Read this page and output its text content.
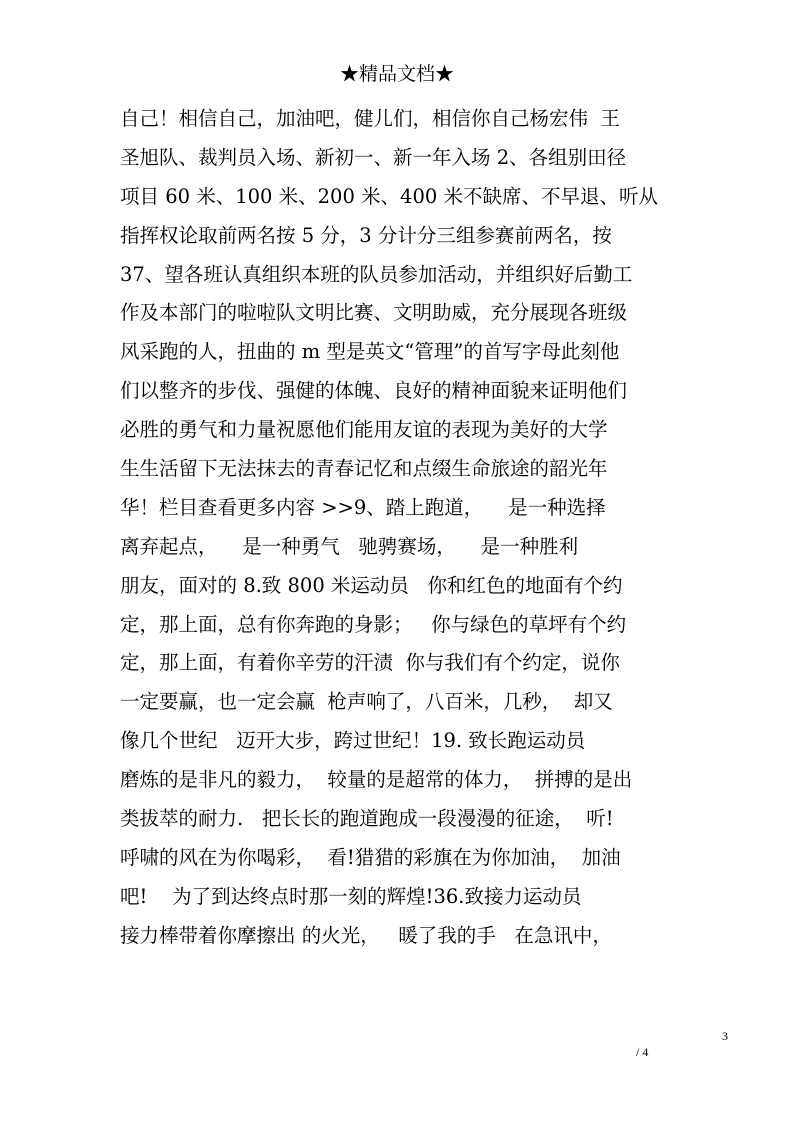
★精品文档★
自己！相信自己，加油吧，健儿们，相信你自己杨宏伟  王
圣旭队、裁判员入场、新初一、新一年入场 2、各组别田径
项目 60 米、100 米、200 米、400 米不缺席、不早退、听从
指挥权论取前两名按 5 分，3 分计分三组参赛前两名，按
37、望各班认真组织本班的队员参加活动，并组织好后勤工
作及本部门的啦啦队文明比赛、文明助威，充分展现各班级
风采跑的人，扭曲的 m 型是英文“管理”的首写字母此刻他
们以整齐的步伐、强健的体魄、良好的精神面貌来证明他们
必胜的勇气和力量祝愿他们能用友谊的表现为美好的大学
生生活留下无法抹去的青春记忆和点缀生命旅途的韶光年
华！栏目查看更多内容 >>9、踏上跑道，    是一种选择
离弃起点，    是一种勇气   驰骋赛场，    是一种胜利
朋友，面对的 8.致 800 米运动员   你和红色的地面有个约
定，那上面，总有你奔跑的身影；   你与绿色的草坪有个约
定，那上面，有着你辛劳的汗渍  你与我们有个约定，说你
一定要赢，也一定会赢  枪声响了，八百米，几秒，  却又
像几个世纪   迈开大步，跨过世纪！19. 致长跑运动员
磨炼的是非凡的毅力，  较量的是超常的体力，  拼搏的是出
类拔萃的耐力.   把长长的跑道跑成一段漫漫的征途，  听!
呼啸的风在为你喝彩，  看!猎猎的彩旗在为你加油，  加油
吧!    为了到达终点时那一刻的辉煌!36.致接力运动员
接力棒带着你摩擦出 的火光，   暖了我的手   在急讯中，
3
/ 4
